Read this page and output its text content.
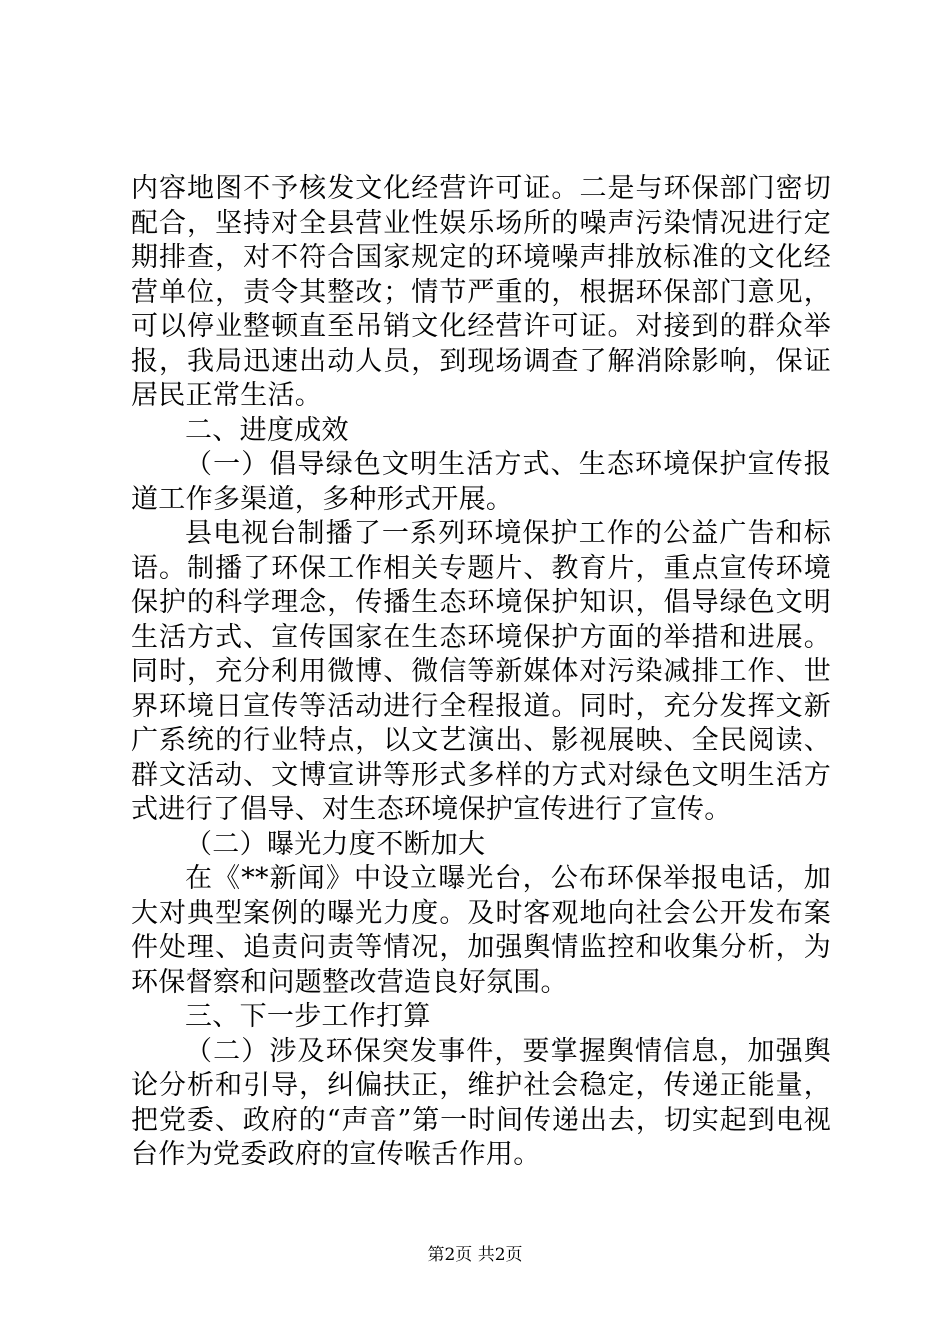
内容地图不予核发文化经营许可证。二是与环保部门密切配合，坚持对全县营业性娱乐场所的噪声污染情况进行定期排查，对不符合国家规定的环境噪声排放标准的文化经营单位，责令其整改；情节严重的，根据环保部门意见，可以停业整顿直至吊销文化经营许可证。对接到的群众举报，我局迅速出动人员，到现场调查了解消除影响，保证居民正常生活。

二、进度成效

（一）倡导绿色文明生活方式、生态环境保护宣传报道工作多渠道，多种形式开展。

县电视台制播了一系列环境保护工作的公益广告和标语。制播了环保工作相关专题片、教育片，重点宣传环境保护的科学理念，传播生态环境保护知识，倡导绿色文明生活方式、宣传国家在生态环境保护方面的举措和进展。同时，充分利用微博、微信等新媒体对污染减排工作、世界环境日宣传等活动进行全程报道。同时，充分发挥文新广系统的行业特点，以文艺演出、影视展映、全民阅读、群文活动、文博宣讲等形式多样的方式对绿色文明生活方式进行了倡导、对生态环境保护宣传进行了宣传。

（二）曝光力度不断加大

在《**新闻》中设立曝光台，公布环保举报电话，加大对典型案例的曝光力度。及时客观地向社会公开发布案件处理、追责问责等情况，加强舆情监控和收集分析，为环保督察和问题整改营造良好氛围。

三、下一步工作打算

（二）涉及环保突发事件，要掌握舆情信息，加强舆论分析和引导，纠偏扶正，维护社会稳定，传递正能量，把党委、政府的“声音”第一时间传递出去，切实起到电视台作为党委政府的宣传喉舌作用。

第2页 共2页
